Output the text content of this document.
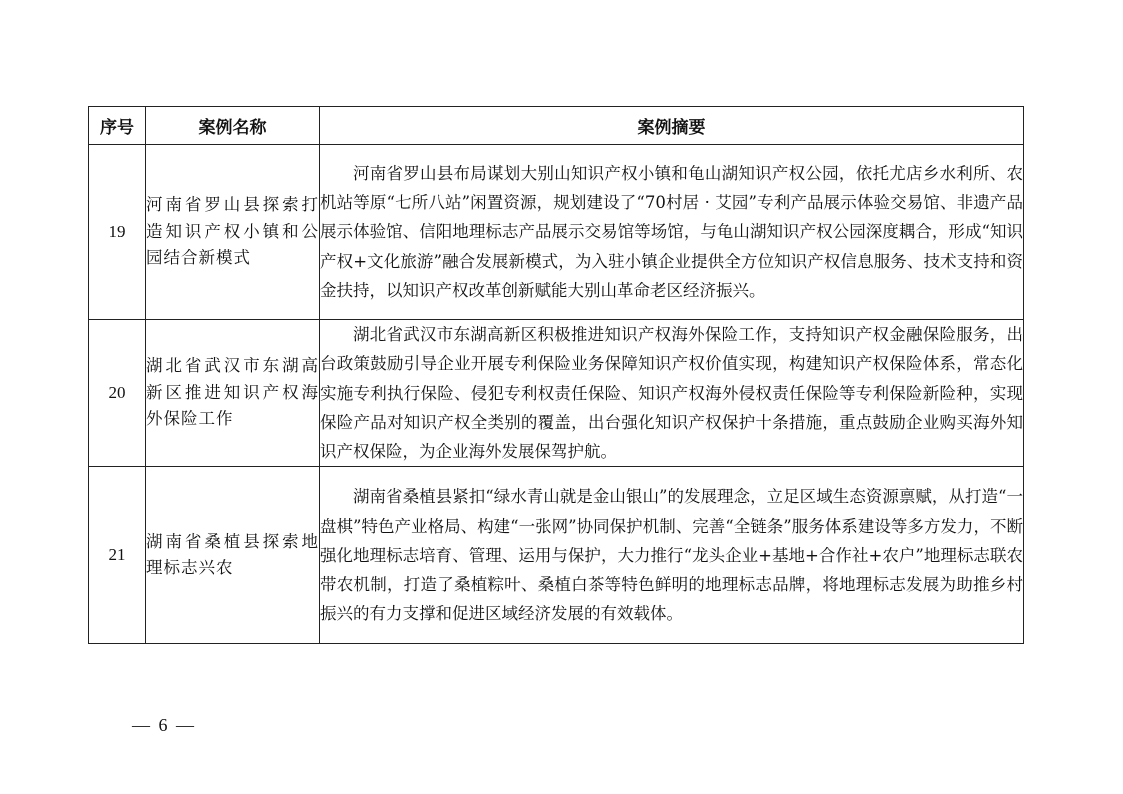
序号	案例名称	案例摘要
19	河南省罗山县探索打造知识产权小镇和公园结合新模式	河南省罗山县布局谋划大别山知识产权小镇和龟山湖知识产权公园，依托尤店乡水利所、农机站等原“七所八站”闲置资源，规划建设了“70村居 · 艾园”专利产品展示体验交易馆、非遗产品展示体验馆、信阳地理标志产品展示交易馆等场馆，与龟山湖知识产权公园深度耦合，形成“知识产权+文化旅游”融合发展新模式，为入驻小镇企业提供全方位知识产权信息服务、技术支持和资金扶持，以知识产权改革创新赋能大别山革命老区经济振兴。
20	湖北省武汉市东湖高新区推进知识产权海外保险工作	湖北省武汉市东湖高新区积极推进知识产权海外保险工作，支持知识产权金融保险服务，出台政策鼓励引导企业开展专利保险业务保障知识产权价值实现，构建知识产权保险体系，常态化实施专利执行保险、侵犯专利权责任保险、知识产权海外侵权责任保险等专利保险新险种，实现保险产品对知识产权全类别的覆盖，出台强化知识产权保护十条措施，重点鼓励企业购买海外知识产权保险，为企业海外发展保驾护航。
21	湖南省桑植县探索地理标志兴农	湖南省桑植县紧扣“绿水青山就是金山银山”的发展理念，立足区域生态资源禀赋，从打造“一盘棋”特色产业格局、构建“一张网”协同保护机制、完善“全链条”服务体系建设等多方发力，不断强化地理标志培育、管理、运用与保护，大力推行“龙头企业+基地+合作社+农户”地理标志联农带农机制，打造了桑植粽叶、桑植白茶等特色鲜明的地理标志品牌，将地理标志发展为助推乡村振兴的有力支撑和促进区域经济发展的有效载体。
— 6 —
